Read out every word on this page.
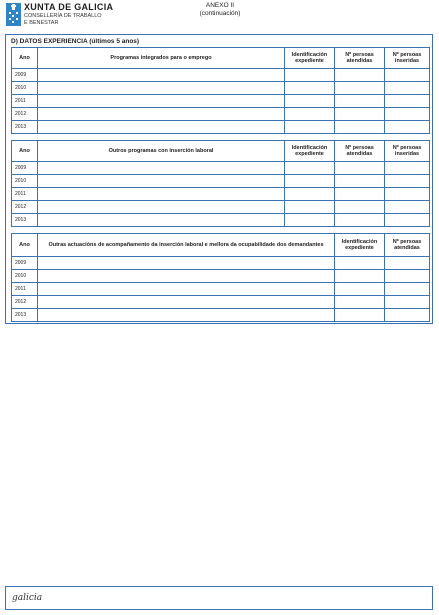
XUNTA DE GALICIA
CONSELLERÍA DE TRABALLO
E BENESTAR
ANEXO II
(continuación)
D) DATOS EXPERIENCIA (últimos 5 anos)
Ano	Programas integrados para o emprego	Identificación expediente	Nº persoas atendidas	Nº persoas inseridas
2009				
2010				
2011				
2012				
2013				
Ano	Outros programas con inserción laboral	Identificación expediente	Nº persoas atendidas	Nº persoas inseridas
2009				
2010				
2011				
2012				
2013				
Ano	Outras actuacións de acompañamento da inserción laboral e mellora da ocupabilidade dos demandantes	Identificación expediente	Nº persoas atendidas
2009			
2010			
2011			
2012			
2013			
galicia
